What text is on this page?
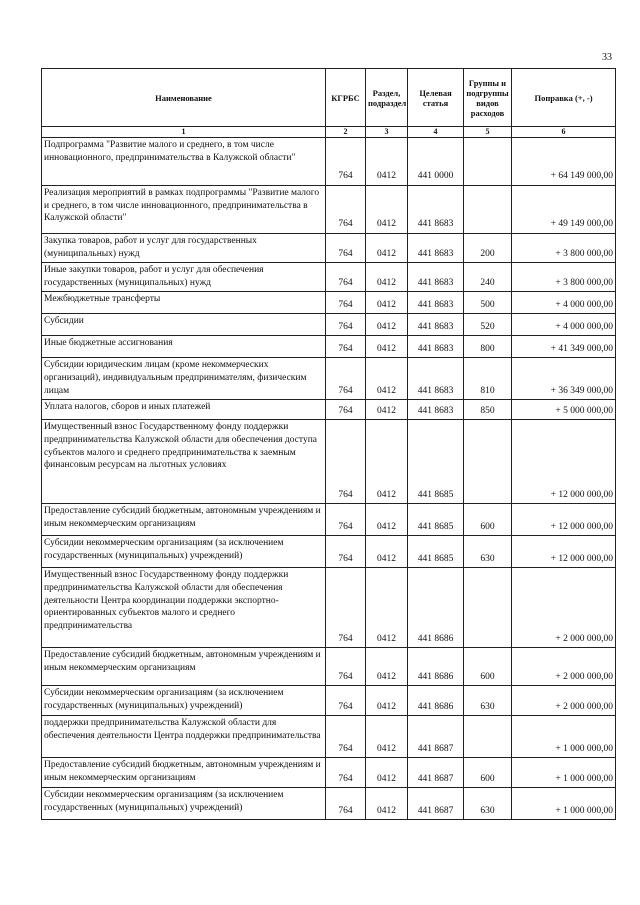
33
Наименование	КГРБС	Раздел, подраздел	Целевая статья	Группы и подгруппы видов расходов	Поправка (+, -)
1	2	3	4	5	6
Подпрограмма "Развитие малого и среднего, в том числе инновационного, предпринимательства в Калужской области"	764	0412	441 0000		+ 64 149 000,00
Реализация мероприятий в рамках подпрограммы "Развитие малого и среднего, в том числе инновационного, предпринимательства в Калужской области"	764	0412	441 8683		+ 49 149 000,00
Закупка товаров, работ и услуг для государственных (муниципальных) нужд	764	0412	441 8683	200	+ 3 800 000,00
Иные закупки товаров, работ и услуг для обеспечения государственных (муниципальных) нужд	764	0412	441 8683	240	+ 3 800 000,00
Межбюджетные трансферты	764	0412	441 8683	500	+ 4 000 000,00
Субсидии	764	0412	441 8683	520	+ 4 000 000,00
Иные бюджетные ассигнования	764	0412	441 8683	800	+ 41 349 000,00
Субсидии юридическим лицам (кроме некоммерческих организаций), индивидуальным предпринимателям, физическим лицам	764	0412	441 8683	810	+ 36 349 000,00
Уплата налогов, сборов и иных платежей	764	0412	441 8683	850	+ 5 000 000,00
Имущественный взнос Государственному фонду поддержки предпринимательства Калужской области для обеспечения доступа субъектов малого и среднего предпринимательства к заемным финансовым ресурсам на льготных условиях	764	0412	441 8685		+ 12 000 000,00
Предоставление субсидий бюджетным, автономным учреждениям и иным некоммерческим организациям	764	0412	441 8685	600	+ 12 000 000,00
Субсидии некоммерческим организациям (за исключением государственных (муниципальных) учреждений)	764	0412	441 8685	630	+ 12 000 000,00
Имущественный взнос Государственному фонду поддержки предпринимательства Калужской области для обеспечения деятельности Центра координации поддержки экспортно-ориентированных субъектов малого и среднего предпринимательства	764	0412	441 8686		+ 2 000 000,00
Предоставление субсидий бюджетным, автономным учреждениям и иным некоммерческим организациям	764	0412	441 8686	600	+ 2 000 000,00
Субсидии некоммерческим организациям (за исключением государственных (муниципальных) учреждений)	764	0412	441 8686	630	+ 2 000 000,00
поддержки предпринимательства Калужской области для обеспечения деятельности Центра поддержки предпринимательства	764	0412	441 8687		+ 1 000 000,00
Предоставление субсидий бюджетным, автономным учреждениям и иным некоммерческим организациям	764	0412	441 8687	600	+ 1 000 000,00
Субсидии некоммерческим организациям (за исключением государственных (муниципальных) учреждений)	764	0412	441 8687	630	+ 1 000 000,00
